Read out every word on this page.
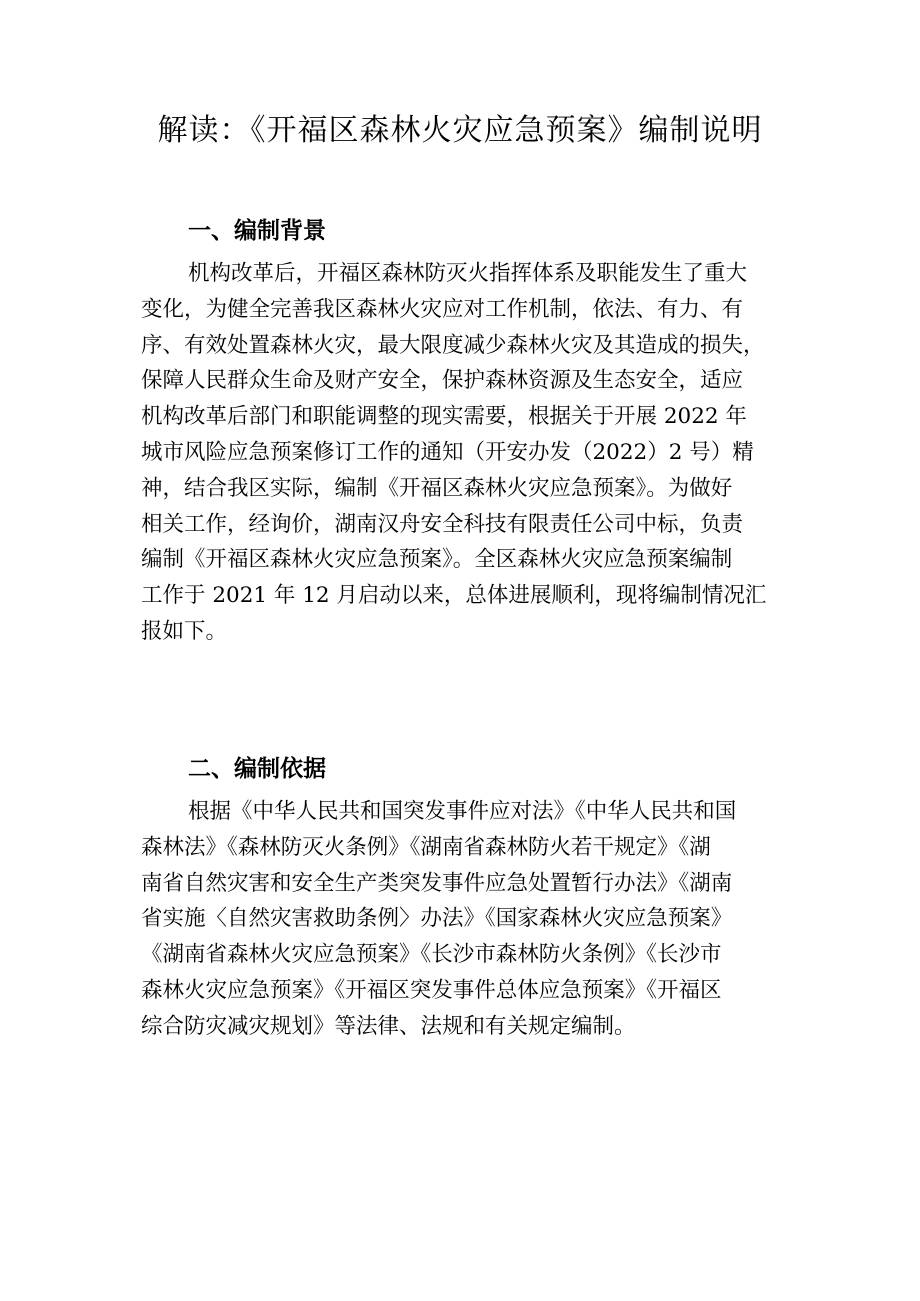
解读：《开福区森林火灾应急预案》编制说明
一、编制背景
机构改革后，开福区森林防灭火指挥体系及职能发生了重大
变化，为健全完善我区森林火灾应对工作机制，依法、有力、有
序、有效处置森林火灾，最大限度减少森林火灾及其造成的损失，
保障人民群众生命及财产安全，保护森林资源及生态安全，适应
机构改革后部门和职能调整的现实需要，根据关于开展 2022 年
城市风险应急预案修订工作的通知（开安办发（2022）2 号）精
神，结合我区实际，编制《开福区森林火灾应急预案》。为做好
相关工作，经询价，湖南汉舟安全科技有限责任公司中标，负责
编制《开福区森林火灾应急预案》。全区森林火灾应急预案编制
工作于 2021 年 12 月启动以来，总体进展顺利，现将编制情况汇
报如下。
二、编制依据
根据《中华人民共和国突发事件应对法》《中华人民共和国
森林法》《森林防灭火条例》《湖南省森林防火若干规定》《湖
南省自然灾害和安全生产类突发事件应急处置暂行办法》《湖南
省实施〈自然灾害救助条例〉办法》《国家森林火灾应急预案》
《湖南省森林火灾应急预案》《长沙市森林防火条例》《长沙市
森林火灾应急预案》《开福区突发事件总体应急预案》《开福区
综合防灾减灾规划》等法律、法规和有关规定编制。
